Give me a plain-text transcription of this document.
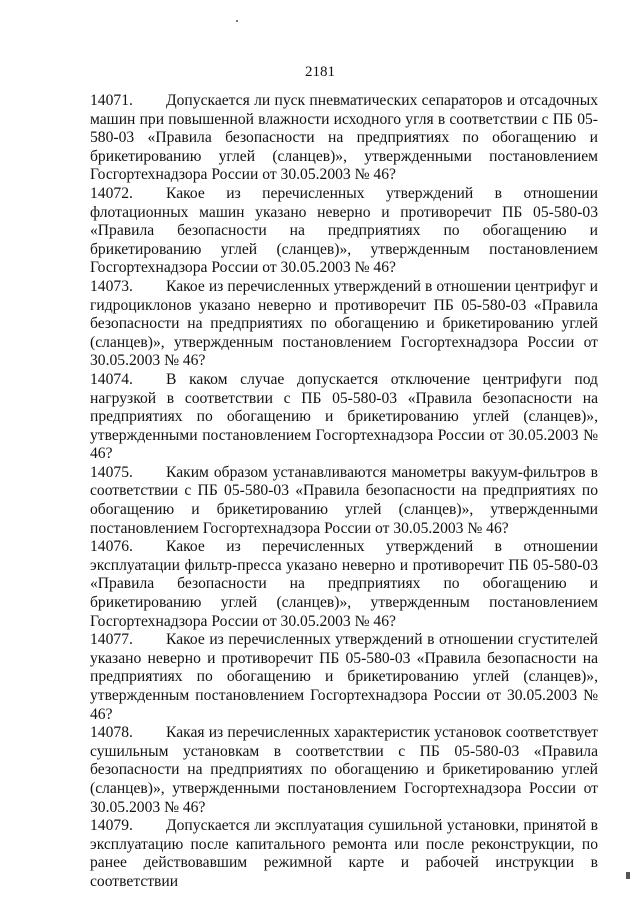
2181

14071. Допускается ли пуск пневматических сепараторов и отсадочных машин при повышенной влажности исходного угля в соответствии с ПБ 05-580-03 «Правила безопасности на предприятиях по обогащению и брикетированию углей (сланцев)», утвержденными постановлением Госгортехнадзора России от 30.05.2003 № 46?

14072. Какое из перечисленных утверждений в отношении флотационных машин указано неверно и противоречит ПБ 05-580-03 «Правила безопасности на предприятиях по обогащению и брикетированию углей (сланцев)», утвержденным постановлением Госгортехнадзора России от 30.05.2003 № 46?

14073. Какое из перечисленных утверждений в отношении центрифуг и гидроциклонов указано неверно и противоречит ПБ 05-580-03 «Правила безопасности на предприятиях по обогащению и брикетированию углей (сланцев)», утвержденным постановлением Госгортехнадзора России от 30.05.2003 № 46?

14074. В каком случае допускается отключение центрифуги под нагрузкой в соответствии с ПБ 05-580-03 «Правила безопасности на предприятиях по обогащению и брикетированию углей (сланцев)», утвержденными постановлением Госгортехнадзора России от 30.05.2003 № 46?

14075. Каким образом устанавливаются манометры вакуум-фильтров в соответствии с ПБ 05-580-03 «Правила безопасности на предприятиях по обогащению и брикетированию углей (сланцев)», утвержденными постановлением Госгортехнадзора России от 30.05.2003 № 46?

14076. Какое из перечисленных утверждений в отношении эксплуатации фильтр-пресса указано неверно и противоречит ПБ 05-580-03 «Правила безопасности на предприятиях по обогащению и брикетированию углей (сланцев)», утвержденным постановлением Госгортехнадзора России от 30.05.2003 № 46?

14077. Какое из перечисленных утверждений в отношении сгустителей указано неверно и противоречит ПБ 05-580-03 «Правила безопасности на предприятиях по обогащению и брикетированию углей (сланцев)», утвержденным постановлением Госгортехнадзора России от 30.05.2003 № 46?

14078. Какая из перечисленных характеристик установок соответствует сушильным установкам в соответствии с ПБ 05-580-03 «Правила безопасности на предприятиях по обогащению и брикетированию углей (сланцев)», утвержденными постановлением Госгортехнадзора России от 30.05.2003 № 46?

14079. Допускается ли эксплуатация сушильной установки, принятой в эксплуатацию после капитального ремонта или после реконструкции, по ранее действовавшим режимной карте и рабочей инструкции в соответствии
